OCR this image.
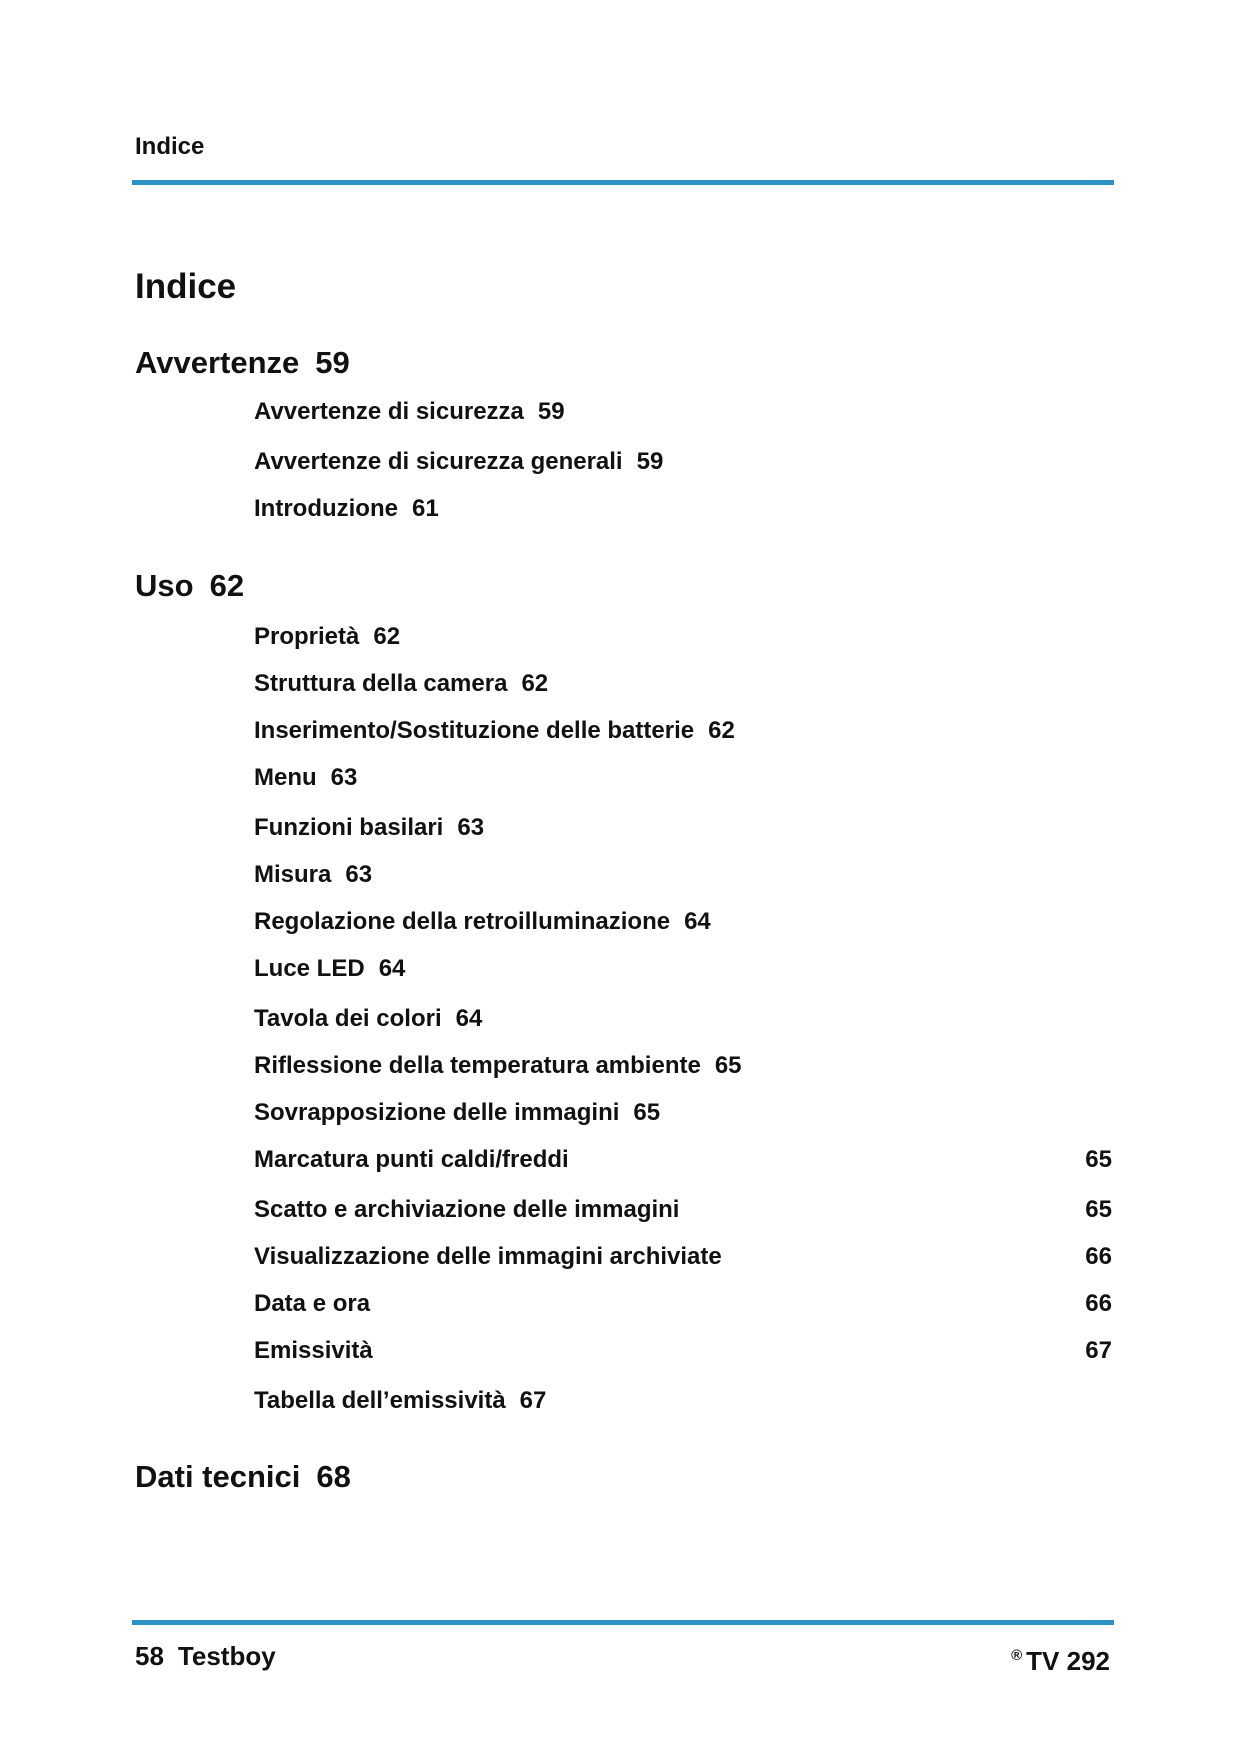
Indice
Indice
Avvertenze 59
Avvertenze di sicurezza 59
Avvertenze di sicurezza generali 59
Introduzione 61
Uso 62
Proprietà 62
Struttura della camera 62
Inserimento/Sostituzione delle batterie 62
Menu 63
Funzioni basilari 63
Misura 63
Regolazione della retroilluminazione 64
Luce LED 64
Tavola dei colori 64
Riflessione della temperatura ambiente 65
Sovrapposizione delle immagini 65
Marcatura punti caldi/freddi	65
Scatto e archiviazione delle immagini	65
Visualizzazione delle immagini archiviate	66
Data e ora	66
Emissività	67
Tabella dell’emissività 67
Dati tecnici 68
58 Testboy	® TV 292
